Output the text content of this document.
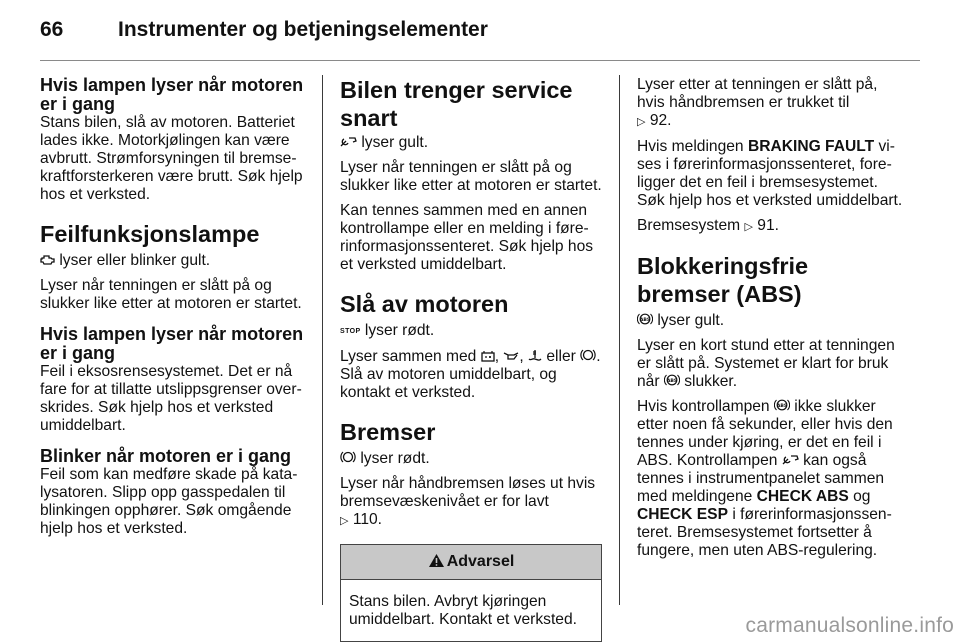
66	Instrumenter og betjeningselementer
Hvis lampen lyser når motoren er i gang

Stans bilen, slå av motoren. Batteriet lades ikke. Motorkjølingen kan være avbrutt. Strømforsyningen til bremsekraftforsterkeren være brutt. Søk hjelp hos et verksted.

Feilfunksjonslampe

lyser eller blinker gult.

Lyser når tenningen er slått på og slukker like etter at motoren er startet.

Hvis lampen lyser når motoren er i gang

Feil i eksosrensesystemet. Det er nå fare for at tillatte utslippsgrenser overskrides. Søk hjelp hos et verksted umiddelbart.

Blinker når motoren er i gang

Feil som kan medføre skade på katalysatoren. Slipp opp gasspedalen til blinkingen opphører. Søk omgående hjelp hos et verksted.

Bilen trenger service snart

lyser gult.

Lyser når tenningen er slått på og slukker like etter at motoren er startet.

Kan tennes sammen med en annen kontrollampe eller en melding i førerinformasjonssenteret. Søk hjelp hos et verksted umiddelbart.

Slå av motoren

STOP lyser rødt.

Lyser sammen med , ,  eller . Slå av motoren umiddelbart, og kontakt et verksted.

Bremser

lyser rødt.

Lyser når håndbremsen løses ut hvis bremsevæskenivået er for lavt
▷ 110.

Advarsel
Stans bilen. Avbryt kjøringen umiddelbart. Kontakt et verksted.

Lyser etter at tenningen er slått på, hvis håndbremsen er trukket til
▷ 92.

Hvis meldingen BRAKING FAULT vises i førerinformasjonssenteret, foreligger det en feil i bremsesystemet. Søk hjelp hos et verksted umiddelbart.

Bremsesystem ▷ 91.

Blokkeringsfrie bremser (ABS)

ABS lyser gult.

Lyser en kort stund etter at tenningen er slått på. Systemet er klart for bruk når ABS slukker.

Hvis kontrollampen ABS ikke slukker etter noen få sekunder, eller hvis den tennes under kjøring, er det en feil i ABS. Kontrollampen kan også tennes i instrumentpanelet sammen med meldingene CHECK ABS og CHECK ESP i førerinformasjonssenteret. Bremsesystemet fortsetter å fungere, men uten ABS-regulering.

carmanualsonline.info
